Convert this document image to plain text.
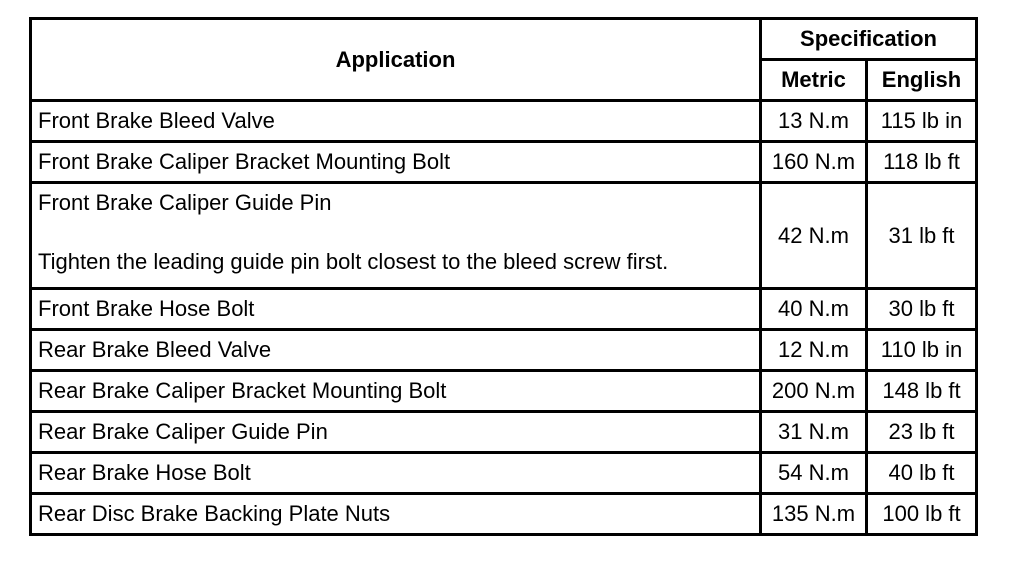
Application	Specification	
	Metric	English
Front Brake Bleed Valve	13 N.m	115 lb in
Front Brake Caliper Bracket Mounting Bolt	160 N.m	118 lb ft

Front Brake Caliper Guide Pin
Tighten the leading guide pin bolt closest to the bleed screw first.	42 N.m	31 lb ft
Front Brake Hose Bolt	40 N.m	30 lb ft
Rear Brake Bleed Valve	12 N.m	110 lb in
Rear Brake Caliper Bracket Mounting Bolt	200 N.m	148 lb ft
Rear Brake Caliper Guide Pin	31 N.m	23 lb ft
Rear Brake Hose Bolt	54 N.m	40 lb ft
Rear Disc Brake Backing Plate Nuts	135 N.m	100 lb ft
